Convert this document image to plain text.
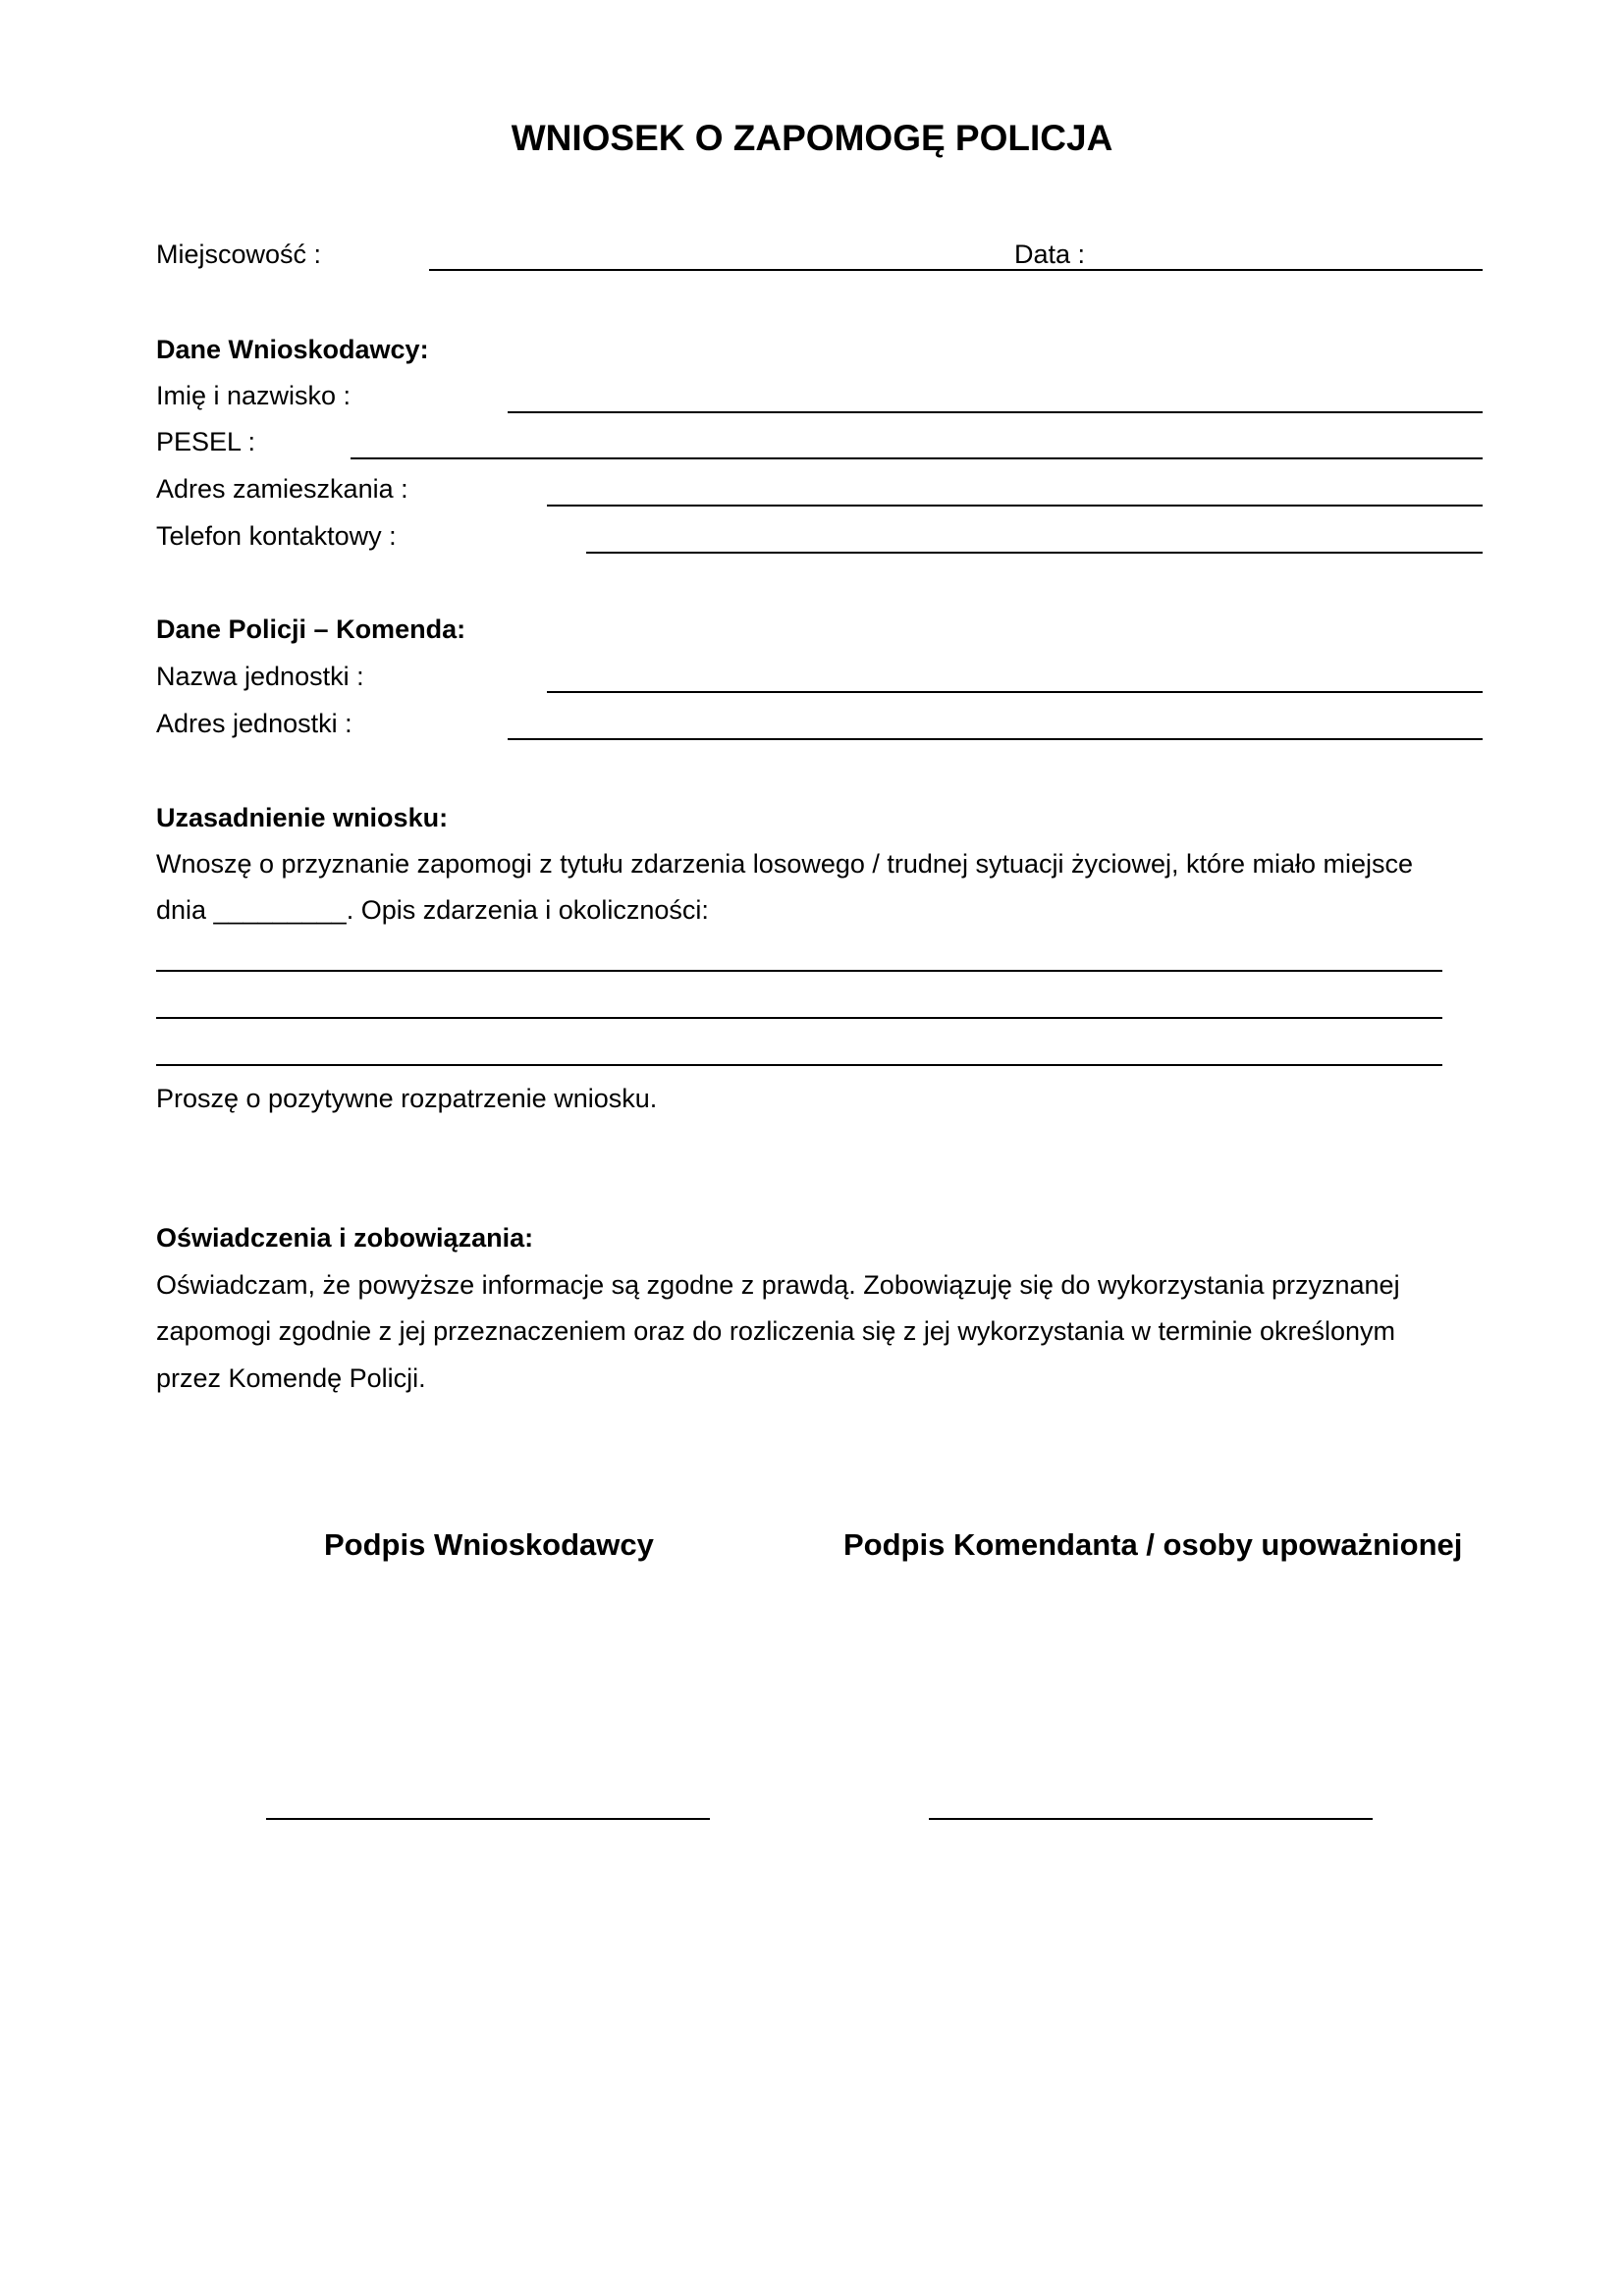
WNIOSEK O ZAPOMOGĘ POLICJA
Miejscowość :	Data :
Dane Wnioskodawcy:
Imię i nazwisko :
PESEL :
Adres zamieszkania :
Telefon kontaktowy :
Dane Policji – Komenda:
Nazwa jednostki :
Adres jednostki :
Uzasadnienie wniosku:
Wnoszę o przyznanie zapomogi z tytułu zdarzenia losowego / trudnej sytuacji życiowej, które miało miejsce
dnia _________. Opis zdarzenia i okoliczności:
Proszę o pozytywne rozpatrzenie wniosku.
Oświadczenia i zobowiązania:
Oświadczam, że powyższe informacje są zgodne z prawdą. Zobowiązuję się do wykorzystania przyznanej
zapomogi zgodnie z jej przeznaczeniem oraz do rozliczenia się z jej wykorzystania w terminie określonym
przez Komendę Policji.
Podpis Wnioskodawcy	Podpis Komendanta / osoby upoważnionej
